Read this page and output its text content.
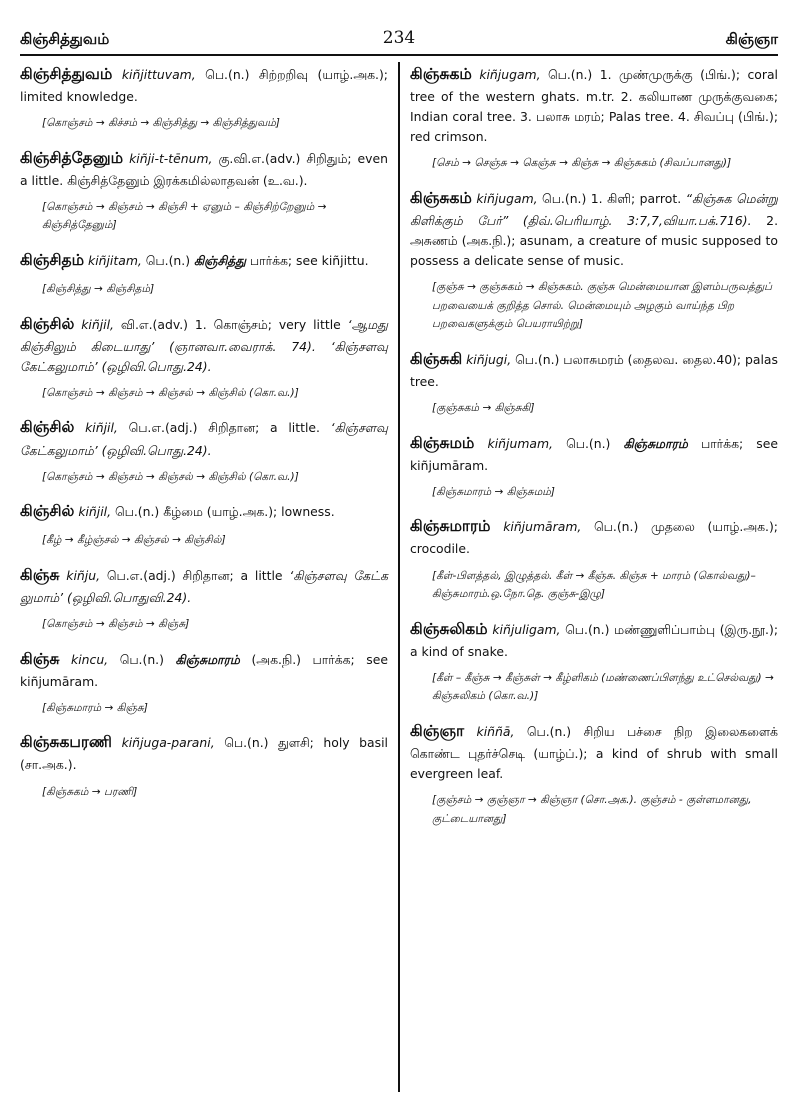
கிஞ்சித்துவம்	234	கிஞ்ஞா
கிஞ்சித்துவம் kiñjittuvam, பெ.(n.) சிற்றறிவு (யாழ்.அக.); limited knowledge.
[கொஞ்சம் → கிச்சம் → கிஞ்சித்து → கிஞ்சித்துவம்]
கிஞ்சித்தேனும் kiñji-t-tēnum, கு.வி.எ.(adv.) சிறிதும்; even a little. கிஞ்சித்தேனும் இரக்கமில்லாதவன் (உ.வ.).
[கொஞ்சம் → கிஞ்சம் → கிஞ்சி + ஏனும் – கிஞ்சிற்றேனும் → கிஞ்சித்தேனும்]
கிஞ்சிதம் kiñjitam, பெ.(n.) கிஞ்சித்து பார்க்க; see kiñjittu.
[கிஞ்சித்து → கிஞ்சிதம்]
கிஞ்சில் kiñjil, வி.எ.(adv.) 1. கொஞ்சம்; very little ‘ஆமது கிஞ்சிலும் கிடையாது’ (ஞானவா.வைராக். 74). ‘கிஞ்சளவு கேட்கலுமாம்’ (ஒழிவி.பொது.24).
[கொஞ்சம் → கிஞ்சம் → கிஞ்சல் → கிஞ்சில் (கொ.வ.)]
கிஞ்சில் kiñjil, பெ.எ.(adj.) சிறிதான; a little. ‘கிஞ்சளவு கேட்கலுமாம்’ (ஒழிவி.பொது.24).
[கொஞ்சம் → கிஞ்சம் → கிஞ்சல் → கிஞ்சில் (கொ.வ.)]
கிஞ்சில் kiñjil, பெ.(n.) கீழ்மை (யாழ்.அக.); lowness.
[கீழ் → கீழ்ஞ்சல் → கிஞ்சல் → கிஞ்சில்]
கிஞ்சு kiñju, பெ.எ.(adj.) சிறிதான; a little ‘கிஞ்சளவு கேட்க லுமாம்’ (ஒழிவி.பொதுவி.24).
[கொஞ்சம் → கிஞ்சம் → கிஞ்சு]
கிஞ்சு kincu, பெ.(n.) கிஞ்சுமாரம் (அக.நி.) பார்க்க; see kiñjumāram.
[கிஞ்சுமாரம் → கிஞ்சு]
கிஞ்சுகபரணி kiñjuga-parani, பெ.(n.) துளசி; holy basil (சா.அக.).
[கிஞ்சுகம் → பரணி]
கிஞ்சுகம் kiñjugam, பெ.(n.) 1. முண்முருக்கு (பிங்.); coral tree of the western ghats. m.tr. 2. கலியாண முருக்குவகை; Indian coral tree. 3. பலாசு மரம்; Palas tree. 4. சிவப்பு (பிங்.); red crimson.
[செம் → செஞ்சு → கெஞ்சு → கிஞ்சு → கிஞ்சுகம் (சிவப்பானது)]
கிஞ்சுகம் kiñjugam, பெ.(n.) 1. கிளி; parrot. “கிஞ்சுக மென்று கிளிக்கும் பேர்” (திவ்.பெரியாழ். 3:7,7,வியா.பக்.716). 2. அசுணம் (அக.நி.); asunam, a creature of music supposed to possess a delicate sense of music.
[குஞ்சு → குஞ்சுகம் → கிஞ்சுகம். குஞ்சு மென்மையான இளம்பருவத்துப் பறவையைக் குறித்த சொல். மென்மையும் அழகும் வாய்ந்த பிற பறவைகளுக்கும் பெயராயிற்று]
கிஞ்சுகி kiñjugi, பெ.(n.) பலாசுமரம் (தைலவ. தைல.40); palas tree.
[குஞ்சுகம் → கிஞ்சுகி]
கிஞ்சுமம் kiñjumam, பெ.(n.) கிஞ்சுமாரம் பார்க்க; see kiñjumāram.
[கிஞ்சுமாரம் → கிஞ்சுமம்]
கிஞ்சுமாரம் kiñjumāram, பெ.(n.) முதலை (யாழ்.அக.); crocodile.
[கீள்-பிளத்தல், இழுத்தல். கீள் → கீஞ்சு. கிஞ்சு + மாரம் (கொல்வது)–கிஞ்சுமாரம்.ஒ.நோ.தெ. குஞ்சு-இழு]
கிஞ்சுலிகம் kiñjuligam, பெ.(n.) மண்ணுளிப்பாம்பு (இரு.நூ.); a kind of snake.
[கீள் – கீஞ்சு → கீஞ்சுள் → கீழ்ளிகம் (மண்ணைப்பிளந்து உட்செல்வது) → கிஞ்சுலிகம் (கொ.வ.)]
கிஞ்ஞா kiññā, பெ.(n.) சிறிய பச்சை நிற இலைகளைக் கொண்ட புதர்ச்செடி (யாழ்ப்.); a kind of shrub with small evergreen leaf.
[குஞ்சம் → குஞ்ஞா → கிஞ்ஞா (சொ.அக.). குஞ்சம் - குள்ளமானது, குட்டையானது]
